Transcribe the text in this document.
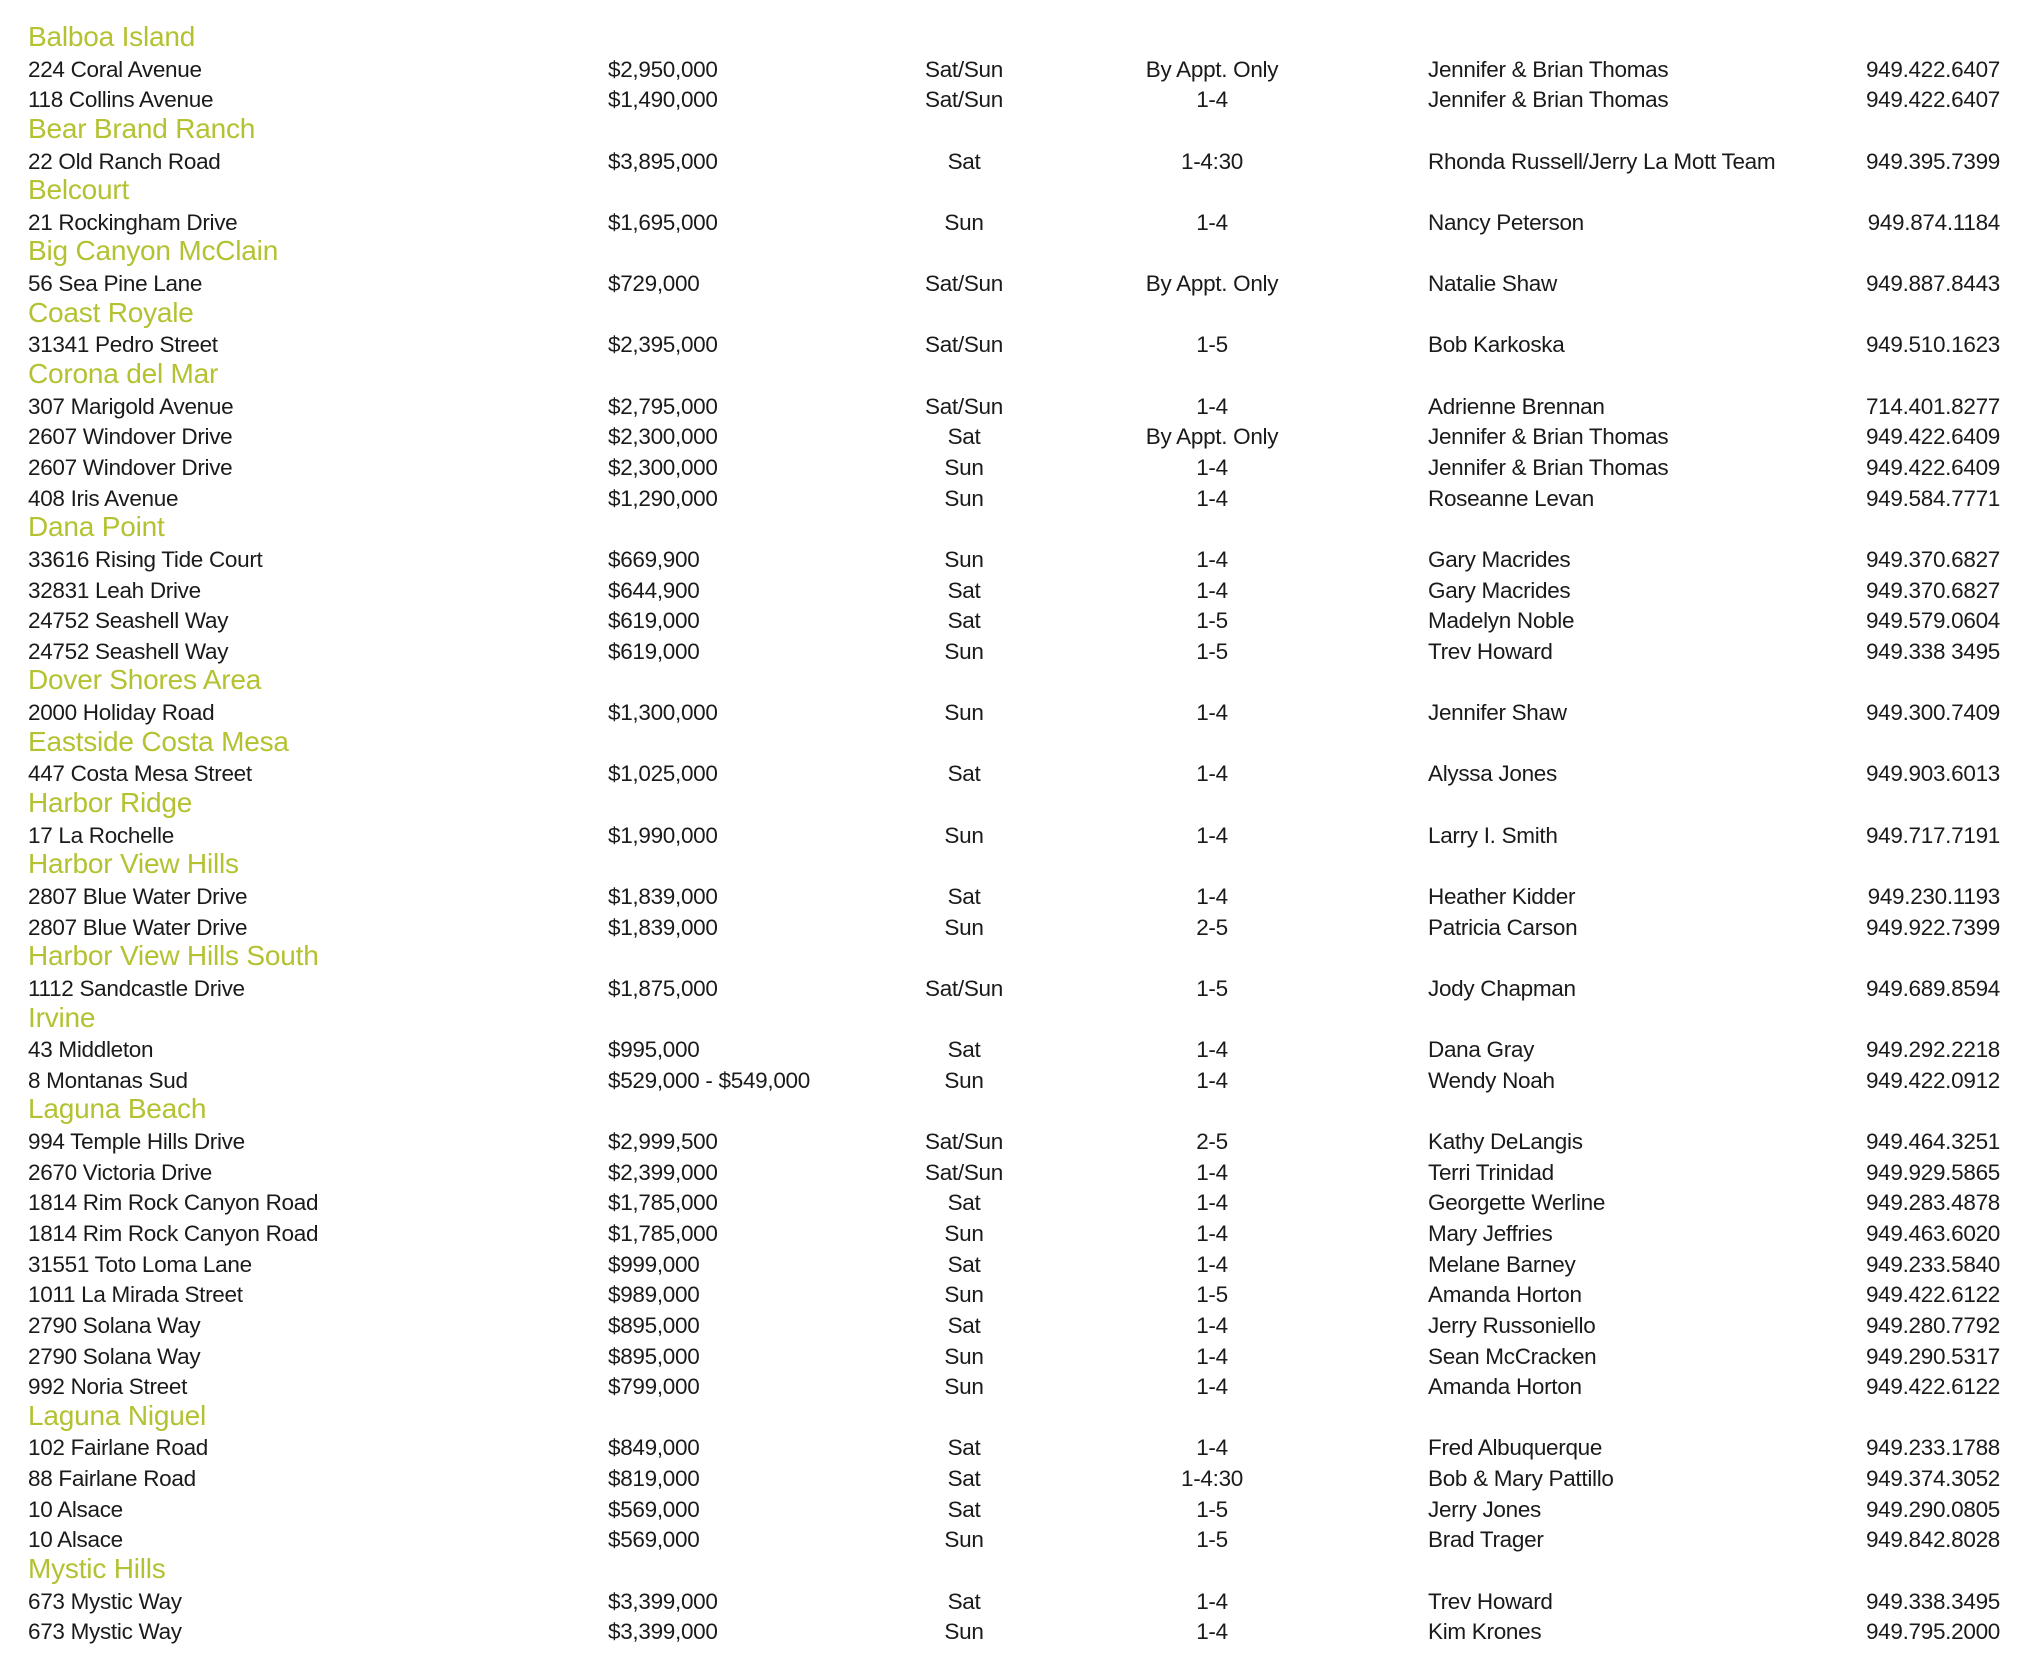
Balboa Island
224 Coral Avenue	$2,950,000	Sat/Sun	By Appt. Only	Jennifer & Brian Thomas	949.422.6407
118 Collins Avenue	$1,490,000	Sat/Sun	1-4	Jennifer & Brian Thomas	949.422.6407
Bear Brand Ranch
22 Old Ranch Road	$3,895,000	Sat	1-4:30	Rhonda Russell/Jerry La Mott Team	949.395.7399
Belcourt
21 Rockingham Drive	$1,695,000	Sun	1-4	Nancy Peterson	949.874.1184
Big Canyon McClain
56 Sea Pine Lane	$729,000	Sat/Sun	By Appt. Only	Natalie Shaw	949.887.8443
Coast Royale
31341 Pedro Street	$2,395,000	Sat/Sun	1-5	Bob Karkoska	949.510.1623
Corona del Mar
307 Marigold Avenue	$2,795,000	Sat/Sun	1-4	Adrienne Brennan	714.401.8277
2607 Windover Drive	$2,300,000	Sat	By Appt. Only	Jennifer & Brian Thomas	949.422.6409
2607 Windover Drive	$2,300,000	Sun	1-4	Jennifer & Brian Thomas	949.422.6409
408 Iris Avenue	$1,290,000	Sun	1-4	Roseanne Levan	949.584.7771
Dana Point
33616 Rising Tide Court	$669,900	Sun	1-4	Gary Macrides	949.370.6827
32831 Leah Drive	$644,900	Sat	1-4	Gary Macrides	949.370.6827
24752 Seashell Way	$619,000	Sat	1-5	Madelyn Noble	949.579.0604
24752 Seashell Way	$619,000	Sun	1-5	Trev Howard	949.338 3495
Dover Shores Area
2000 Holiday Road	$1,300,000	Sun	1-4	Jennifer Shaw	949.300.7409
Eastside Costa Mesa
447 Costa Mesa Street	$1,025,000	Sat	1-4	Alyssa Jones	949.903.6013
Harbor Ridge
17 La Rochelle	$1,990,000	Sun	1-4	Larry I. Smith	949.717.7191
Harbor View Hills
2807 Blue Water Drive	$1,839,000	Sat	1-4	Heather Kidder	949.230.1193
2807 Blue Water Drive	$1,839,000	Sun	2-5	Patricia Carson	949.922.7399
Harbor View Hills South
1112 Sandcastle Drive	$1,875,000	Sat/Sun	1-5	Jody Chapman	949.689.8594
Irvine
43 Middleton	$995,000	Sat	1-4	Dana Gray	949.292.2218
8 Montanas Sud	$529,000 - $549,000	Sun	1-4	Wendy Noah	949.422.0912
Laguna Beach
994 Temple Hills Drive	$2,999,500	Sat/Sun	2-5	Kathy DeLangis	949.464.3251
2670 Victoria Drive	$2,399,000	Sat/Sun	1-4	Terri Trinidad	949.929.5865
1814 Rim Rock Canyon Road	$1,785,000	Sat	1-4	Georgette Werline	949.283.4878
1814 Rim Rock Canyon Road	$1,785,000	Sun	1-4	Mary Jeffries	949.463.6020
31551 Toto Loma Lane	$999,000	Sat	1-4	Melane Barney	949.233.5840
1011 La Mirada Street	$989,000	Sun	1-5	Amanda Horton	949.422.6122
2790 Solana Way	$895,000	Sat	1-4	Jerry Russoniello	949.280.7792
2790 Solana Way	$895,000	Sun	1-4	Sean McCracken	949.290.5317
992 Noria Street	$799,000	Sun	1-4	Amanda Horton	949.422.6122
Laguna Niguel
102 Fairlane Road	$849,000	Sat	1-4	Fred Albuquerque	949.233.1788
88 Fairlane Road	$819,000	Sat	1-4:30	Bob & Mary Pattillo	949.374.3052
10 Alsace	$569,000	Sat	1-5	Jerry Jones	949.290.0805
10 Alsace	$569,000	Sun	1-5	Brad Trager	949.842.8028
Mystic Hills
673 Mystic Way	$3,399,000	Sat	1-4	Trev Howard	949.338.3495
673 Mystic Way	$3,399,000	Sun	1-4	Kim Krones	949.795.2000
